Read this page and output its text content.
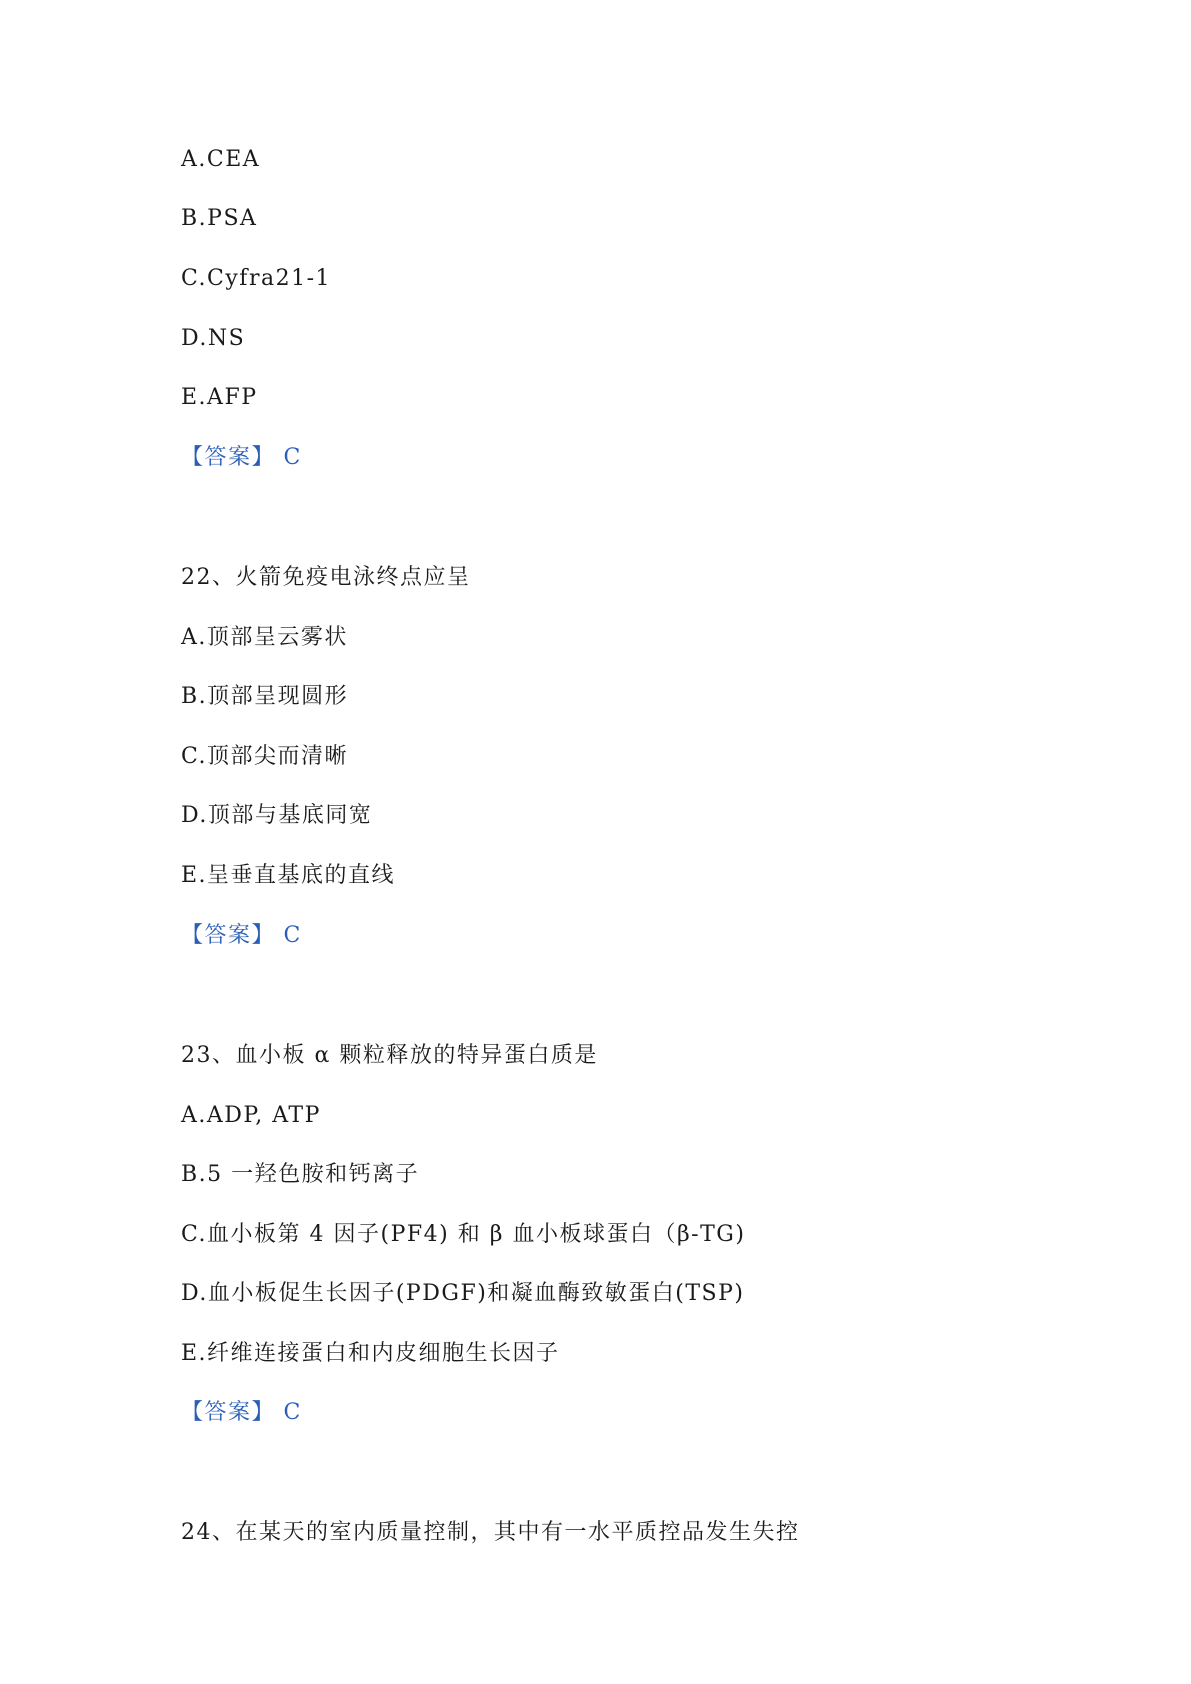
A.CEA
B.PSA
C.Cyfra21-1
D.NS
E.AFP
【答案】 C
22、火箭免疫电泳终点应呈
A.顶部呈云雾状
B.顶部呈现圆形
C.顶部尖而清晰
D.顶部与基底同宽
E.呈垂直基底的直线
【答案】 C
23、血小板 α 颗粒释放的特异蛋白质是
A.ADP, ATP
B.5 一羟色胺和钙离子
C.血小板第 4 因子(PF4) 和 β 血小板球蛋白（β-TG)
D.血小板促生长因子(PDGF)和凝血酶致敏蛋白(TSP)
E.纤维连接蛋白和内皮细胞生长因子
【答案】 C
24、在某天的室内质量控制，其中有一水平质控品发生失控
